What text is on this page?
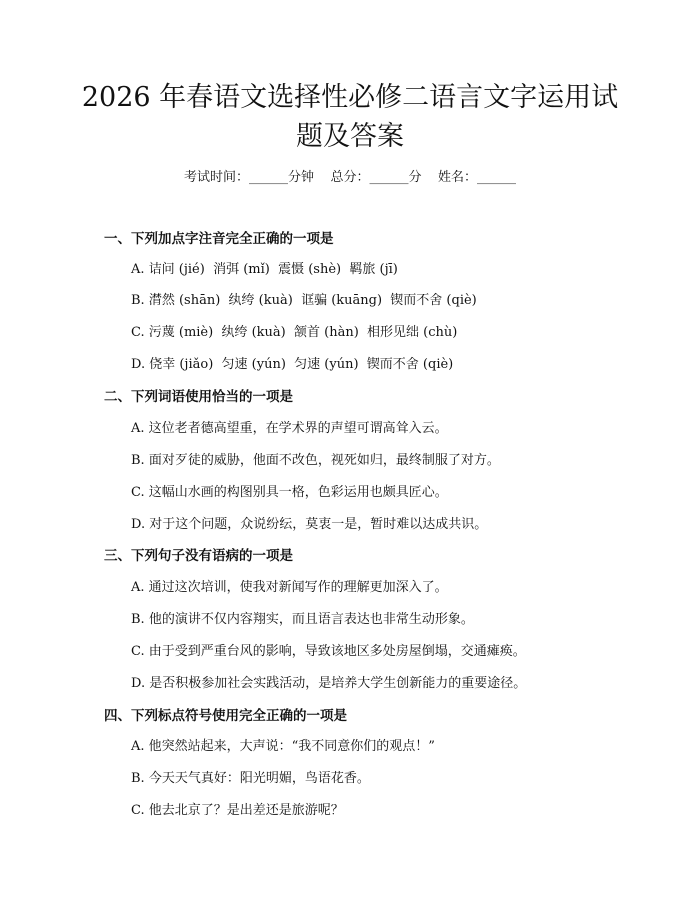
2026 年春语文选择性必修二语言文字运用试
题及答案
考试时间：______分钟    总分：______分    姓名：______
一、下列加点字注音完全正确的一项是
A. 诘问 (jié)  消弭 (mǐ)  震慑 (shè)  羁旅 (jī)
B. 潸然 (shān)  纨绔 (kuà)  诓骗 (kuāng)  锲而不舍 (qiè)
C. 污蔑 (miè)  纨绔 (kuà)  颔首 (hàn)  相形见绌 (chù)
D. 侥幸 (jiǎo)  匀速 (yún)  匀速 (yún)  锲而不舍 (qiè)
二、下列词语使用恰当的一项是
A. 这位老者德高望重，在学术界的声望可谓高耸入云。
B. 面对歹徒的威胁，他面不改色，视死如归，最终制服了对方。
C. 这幅山水画的构图别具一格，色彩运用也颇具匠心。
D. 对于这个问题，众说纷纭，莫衷一是，暂时难以达成共识。
三、下列句子没有语病的一项是
A. 通过这次培训，使我对新闻写作的理解更加深入了。
B. 他的演讲不仅内容翔实，而且语言表达也非常生动形象。
C. 由于受到严重台风的影响，导致该地区多处房屋倒塌，交通瘫痪。
D. 是否积极参加社会实践活动，是培养大学生创新能力的重要途径。
四、下列标点符号使用完全正确的一项是
A. 他突然站起来，大声说：“我不同意你们的观点！”
B. 今天天气真好：阳光明媚，鸟语花香。
C. 他去北京了？是出差还是旅游呢？
